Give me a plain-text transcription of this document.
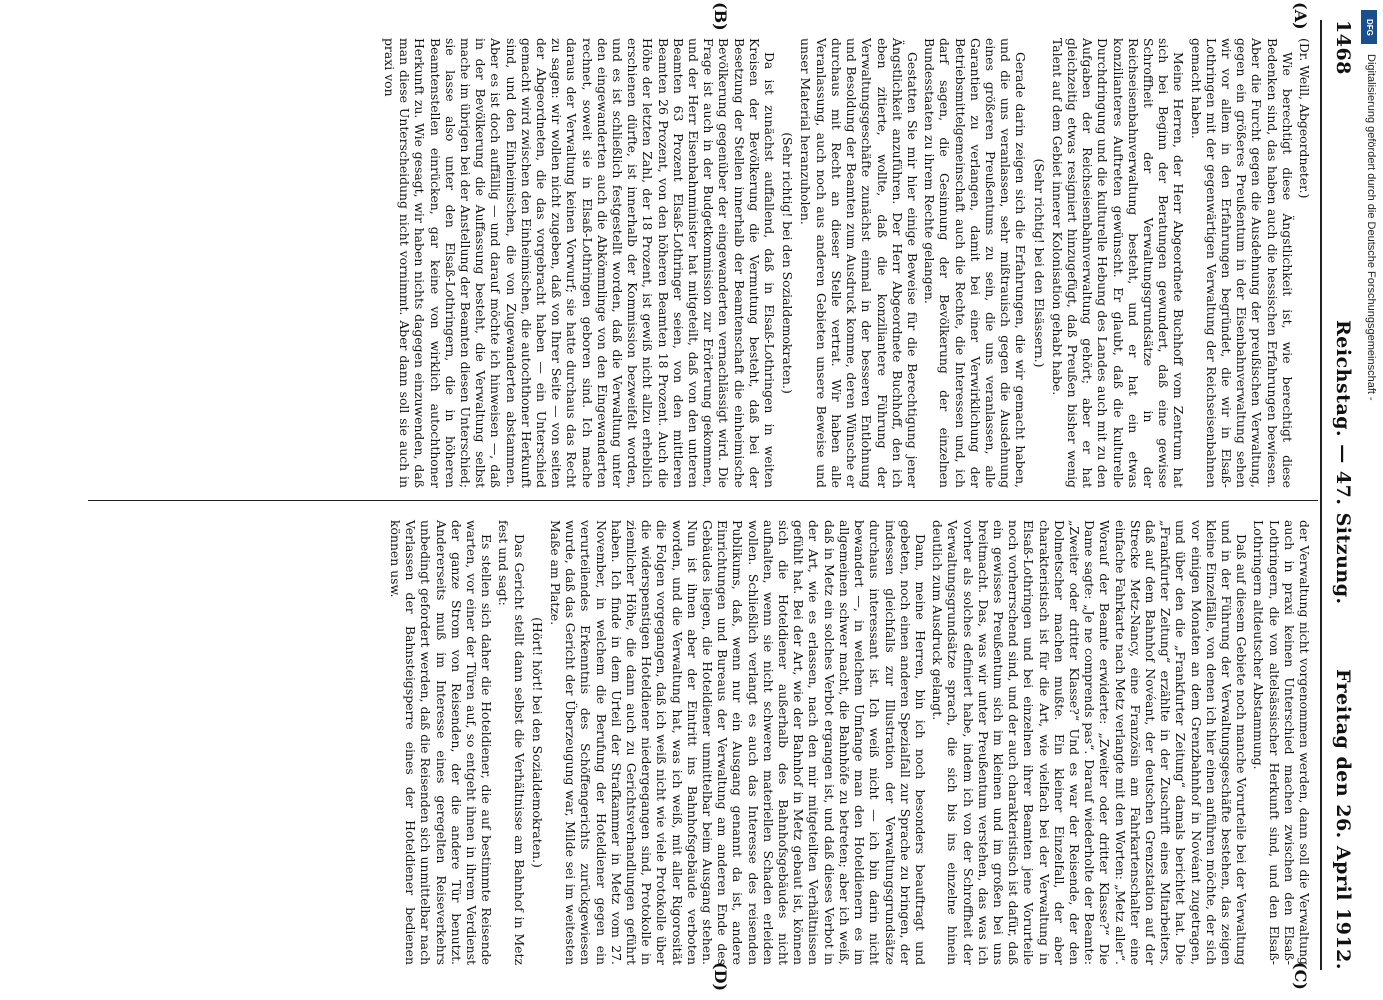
1468
Reichstag. — 47. Sitzung.
Freitag den 26. April 1912.
(A)
(B)
(C)
(D)

(Dr. Weill, Abgeordneter.)

Wie berechtigt diese Ängstlichkeit ist, wie berechtigt diese Bedenken sind, das haben auch die hessischen Erfahrungen bewiesen. Aber die Furcht gegen die Ausdehnung der preußischen Verwaltung, gegen ein größeres Preußentum in der Eisenbahnverwaltung sehen wir vor allem in den Erfahrungen begründet, die wir in Elsaß-Lothringen mit der gegenwärtigen Verwaltung der Reichseisenbahnen gemacht haben.

Meine Herren, der Herr Abgeordnete Buchhoff vom Zentrum hat sich bei Beginn der Beratungen gewundert, daß eine gewisse Schroffheit der Verwaltungsgrundsätze in der Reichseisenbahnverwaltung besteht, und er hat ein etwas konzilianteres Auftreten gewünscht. Er glaubt, daß die kulturelle Durchdringung und die kulturelle Hebung des Landes auch mit zu den Aufgaben der Reichseisenbahnverwaltung gehört; aber er hat gleichzeitig etwas resigniert hinzugefügt, daß Preußen bisher wenig Talent auf dem Gebiet innerer Kolonisation gehabt habe.

(Sehr richtig! bei den Elsässern.)

Gerade darin zeigen sich die Erfahrungen, die wir gemacht haben, und die uns veranlassen, sehr mißtrauisch gegen die Ausdehnung eines größeren Preußentums zu sein, die uns veranlassen, alle Garantien zu verlangen, damit bei einer Verwirklichung der Betriebsmittelgemeinschaft auch die Rechte, die Interessen und, ich darf sagen, die Gesinnung der Bevölkerung der einzelnen Bundesstaaten zu ihrem Rechte gelangen.

Gestatten Sie mir hier einige Beweise für die Berechtigung jener Ängstlichkeit anzuführen. Der Herr Abgeordnete Buchhoff, den ich eben zitierte, wollte, daß die konziliantere Führung der Verwaltungsgeschäfte zunächst einmal in der besseren Entlohnung und Besoldung der Beamten zum Ausdruck komme, deren Wünsche er durchaus mit Recht an dieser Stelle vertrat. Wir haben alle Veranlassung, auch noch aus anderen Gebieten unsere Beweise und unser Material heranzuholen.

(Sehr richtig! bei den Sozialdemokraten.)

Da ist zunächst auffallend, daß in Elsaß-Lothringen in weiten Kreisen der Bevölkerung die Vermutung besteht, daß bei der Besetzung der Stellen innerhalb der Beamtenschaft die einheimische Bevölkerung gegenüber der eingewanderten vernachlässigt wird. Die Frage ist auch in der Budgetkommission zur Erörterung gekommen, und der Herr Eisenbahnminister hat mitgeteilt, daß von den unteren Beamten 63 Prozent Elsaß-Lothringer seien, von den mittleren Beamten 26 Prozent, von den höheren Beamten 18 Prozent. Auch die Höhe der letzten Zahl, der 18 Prozent, ist gewiß nicht allzu erheblich erschienen dürfte, ist innerhalb der Kommission bezweifelt worden, und es ist schließlich festgestellt worden, daß die Verwaltung unter den eingewanderten auch die Abkömmlinge von den Eingewanderten rechnet, soweit sie in Elsaß-Lothringen geboren sind. Ich mache daraus der Verwaltung keinen Vorwurf; sie hatte durchaus das Recht zu sagen: wir wollen nicht zugeben, daß von Ihrer Seite — von seiten der Abgeordneten, die das vorgebracht haben — ein Unterschied gemacht wird zwischen den Einheimischen, die autochthoner Herkunft sind, und den Einheimischen, die von Zugewanderten abstammen. Aber es ist doch auffällig — und darauf möchte ich hinweisen —, daß in der Bevölkerung die Auffassung besteht, die Verwaltung selbst mache im übrigen bei der Anstellung der Beamten diesen Unterschied; sie lasse also unter den Elsaß-Lothringern, die in höheren Beamtenstellen einrücken, gar keine von wirklich autochthoner Herkunft zu. Wie gesagt, wir haben nichts dagegen einzuwenden, daß man diese Unterscheidung nicht vornimmt. Aber dann soll sie auch in praxi von

der Verwaltung nicht vorgenommen werden, dann soll die Verwaltung auch in praxi keinen Unterschied machen zwischen den Elsaß-Lothringern, die von altelsässischer Herkunft sind, und den Elsaß-Lothringern altdeutscher Abstammung.

Daß auf diesem Gebiete noch manche Vorurteile bei der Verwaltung und in der Führung der Verwaltungsgeschäfte bestehen, das zeigen kleine Einzelfälle, von denen ich hier einen anführen möchte, der sich vor einigen Monaten an dem Grenzbahnhof in Novéant zugetragen, und über den die „Frankfurter Zeitung“ damals berichtet hat. Die „Frankfurter Zeitung“ erzählte in der Zuschrift eines Mitarbeiters, daß auf dem Bahnhof Novéant, der deutschen Grenzstation auf der Strecke Metz-Nancy, eine Französin am Fahrkartenschalter eine einfache Fahrkarte nach Metz verlangte mit den Worten: „Metz aller“. Worauf der Beamte erwiderte: „Zweiter oder dritter Klasse?“ Die Dame sagte: „Je ne comprends pas“. Darauf wiederholte der Beamte: „Zweiter oder dritter Klasse?“ Und es war der Reisende, der den Dolmetscher machen mußte. Ein kleiner Einzelfall, der aber charakteristisch ist für die Art, wie vielfach bei der Verwaltung in Elsaß-Lothringen und bei einzelnen ihrer Beamten jene Vorurteile noch vorherrschend sind, und der auch charakteristisch ist dafür, daß ein gewisses Preußentum sich im kleinen und im großen bei uns breitmacht. Das, was wir unter Preußentum verstehen, das was ich vorher als solches definiert habe, indem ich von der Schroffheit der Verwaltungsgrundsätze sprach, die sich bis ins einzelne hinein deutlich zum Ausdruck gelangt.

Dann, meine Herren, bin ich noch besonders beauftragt und gebeten, noch einen anderen Spezialfall zur Sprache zu bringen, der indessen gleichfalls zur Illustration der Verwaltungsgrundsätze durchaus interessant ist. Ich weiß nicht — ich bin darin nicht bewandert —, in welchem Umfange man den Hoteldienern es im allgemeinen schwer macht, die Bahnhöfe zu betreten; aber ich weiß, daß in Metz ein solches Verbot ergangen ist, und daß dieses Verbot in der Art, wie es erlassen, nach den mir mitgeteilten Verhältnissen gefühlt hat. Bei der Art, wie der Bahnhof in Metz gebaut ist, können sich die Hoteldiener außerhalb des Bahnhofsgebäudes nicht aufhalten, wenn sie nicht schweren materiellen Schaden erleiden wollen. Schließlich verlangt es auch das Interesse des reisenden Publikums, daß, wenn nur ein Ausgang genannt da ist, andere Einrichtungen und Bureaus der Verwaltung am anderen Ende des Gebäudes liegen, die Hoteldiener unmittelbar beim Ausgang stehen. Nun ist ihnen aber der Eintritt ins Bahnhofsgebäude verboten worden, und die Verwaltung hat, was ich weiß, mit aller Rigorosität die Folgen vorgegangen, daß ich weiß nicht wie viele Protokolle über die widerspenstigen Hoteldiener niedergegangen sind, Protokolle in ziemlicher Höhe, die dann auch zu Gerichtsverhandlungen geführt haben. Ich finde in dem Urteil der Strafkammer in Metz vom 27. November, in welchem die Berufung der Hoteldiener gegen ein verurteilendes Erkenntnis des Schöffengerichts zurückgewiesen wurde, daß das Gericht der Überzeugung war, Milde sei im weitesten Maße am Platze.

(Hört! hört! bei den Sozialdemokraten.)

Das Gericht stellt dann selbst die Verhältnisse am Bahnhof in Metz fest und sagt:

Es stellen sich daher die Hoteldiener, die auf bestimmte Reisende warten, vor einer der Türen auf, so entgeht ihnen in ihrem Verdienst der ganze Strom von Reisenden, der die andere Tür benutzt. Andererseits muß im Interesse eines geregelten Reiseverkehrs unbedingt gefordert werden, daß die Reisenden sich unmittelbar nach Verlassen der Bahnsteigsperre eines der Hoteldiener bedienen können usw.

DFG
Digitalisierung gefördert durch die Deutsche Forschungsgemeinschaft -
